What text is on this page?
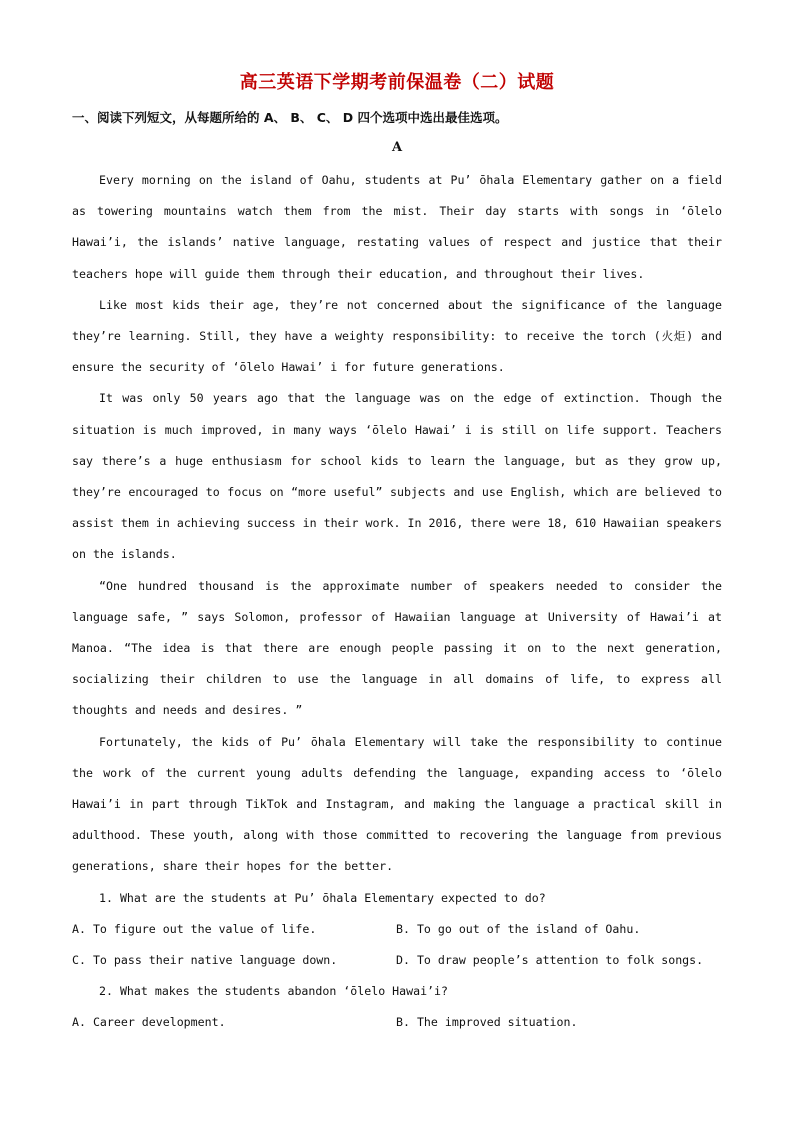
高三英语下学期考前保温卷（二）试题
一、阅读下列短文，从每题所给的 A、 B、 C、 D 四个选项中选出最佳选项。
A

Every morning on the island of Oahu, students at Pu’ ōhala Elementary gather on a field as towering mountains watch them from the mist. Their day starts with songs in ‘ōlelo Hawai’i, the islands’ native language, restating values of respect and justice that their teachers hope will guide them through their education, and throughout their lives.

Like most kids their age, they’re not concerned about the significance of the language they’re learning. Still, they have a weighty responsibility: to receive the torch (火炬) and ensure the security of ‘ōlelo Hawai’ i for future generations.

It was only 50 years ago that the language was on the edge of extinction. Though the situation is much improved, in many ways ‘ōlelo Hawai’ i is still on life support. Teachers say there’s a huge enthusiasm for school kids to learn the language, but as they grow up, they’re encouraged to focus on “more useful” subjects and use English, which are believed to assist them in achieving success in their work. In 2016, there were 18, 610 Hawaiian speakers on the islands.

“One hundred thousand is the approximate number of speakers needed to consider the language safe, ” says Solomon, professor of Hawaiian language at University of Hawai’i at Manoa. “The idea is that there are enough people passing it on to the next generation, socializing their children to use the language in all domains of life, to express all thoughts and needs and desires. ”

Fortunately, the kids of Pu’ ōhala Elementary will take the responsibility to continue the work of the current young adults defending the language, expanding access to ‘ōlelo Hawai’i in part through TikTok and Instagram, and making the language a practical skill in adulthood. These youth, along with those committed to recovering the language from previous generations, share their hopes for the better.

1. What are the students at Pu’ ōhala Elementary expected to do?

A. To figure out the value of life.	B. To go out of the island of Oahu.
C. To pass their native language down.	D. To draw people’s attention to folk songs.

2. What makes the students abandon ‘ōlelo Hawai’i?

A. Career development.	B. The improved situation.
